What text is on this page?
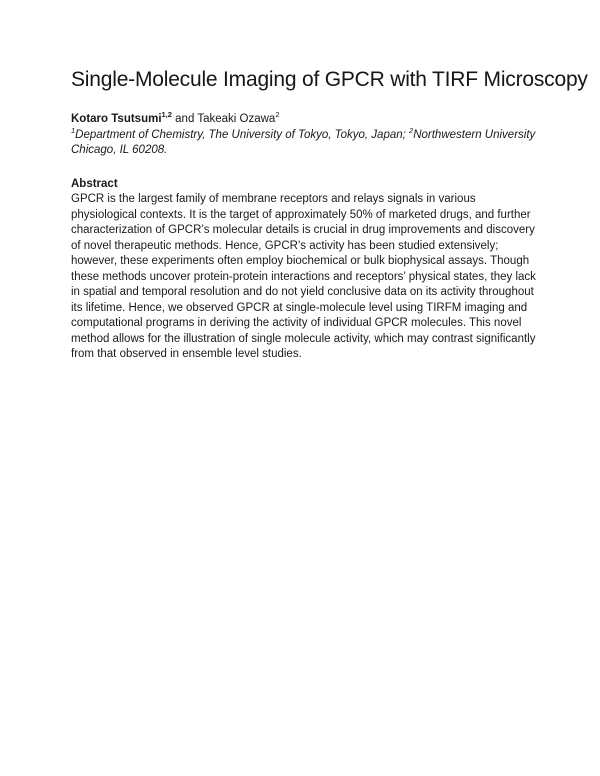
Single-Molecule Imaging of GPCR with TIRF Microscopy

Kotaro Tsutsumi$^{1,2}$ and Takeaki Ozawa$^2$

$^1$Department of Chemistry, The University of Tokyo, Tokyo, Japan; $^2$Northwestern University Chicago, IL 60208.

Abstract

GPCR is the largest family of membrane receptors and relays signals in various physiological contexts. It is the target of approximately 50% of marketed drugs, and further characterization of GPCR’s molecular details is crucial in drug improvements and discovery of novel therapeutic methods. Hence, GPCR’s activity has been studied extensively; however, these experiments often employ biochemical or bulk biophysical assays. Though these methods uncover protein-protein interactions and receptors’ physical states, they lack in spatial and temporal resolution and do not yield conclusive data on its activity throughout its lifetime. Hence, we observed GPCR at single-molecule level using TIRFM imaging and computational programs in deriving the activity of individual GPCR molecules. This novel method allows for the illustration of single molecule activity, which may contrast significantly from that observed in ensemble level studies.
